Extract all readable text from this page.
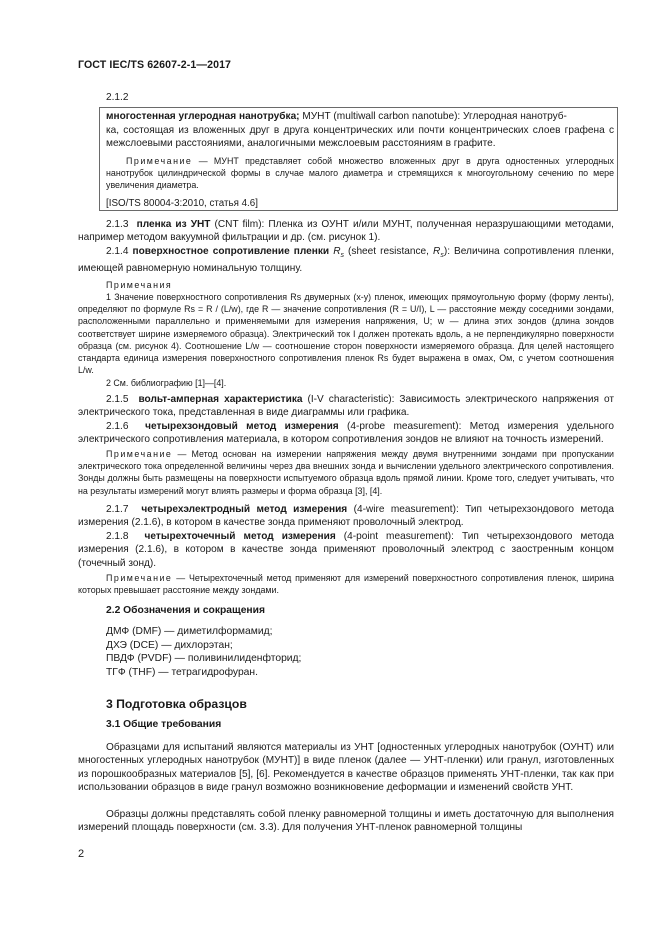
ГОСТ IEC/TS 62607-2-1—2017
2.1.2

многостенная углеродная нанотрубка; МУНТ (multiwall carbon nanotube): Углеродная нанотруб-

ка, состоящая из вложенных друг в друга концентрических или почти концентрических слоев графена с межслоевыми расстояниями, аналогичными межслоевым расстояниям в графите.

Примечание — МУНТ представляет собой множество вложенных друг в друга одностенных углеродных нанотрубок цилиндрической формы в случае малого диаметра и стремящихся к многоугольному сечению по мере увеличения диаметра.

[ISO/TS 80004-3:2010, статья 4.6]

2.1.3 пленка из УНТ (CNT film): Пленка из ОУНТ и/или МУНТ, полученная неразрушающими методами, например методом вакуумной фильтрации и др. (см. рисунок 1).

2.1.4 поверхностное сопротивление пленки $R_s$ (sheet resistance, $R_s$): Величина сопротивления пленки, имеющей равномерную номинальную толщину.

Примечания

1 Значение поверхностного сопротивления Rs двумерных (x-y) пленок, имеющих прямоугольную форму (форму ленты), определяют по формуле Rs = R / (L/w), где R — значение сопротивления (R = U/I), L — расстояние между соседними зондами, расположенными параллельно и применяемыми для измерения напряжения, U; w — длина этих зондов (длина зондов соответствует ширине измеряемого образца). Электрический ток I должен протекать вдоль, а не перпендикулярно поверхности образца (см. рисунок 4). Соотношение L/w — соотношение сторон поверхности измеряемого образца. Для целей настоящего стандарта единица измерения поверхностного сопротивления пленок Rs будет выражена в омах, Ом, с учетом соотношения L/w.

2 См. библиографию [1]—[4].

2.1.5 вольт-амперная характеристика (I-V characteristic): Зависимость электрического напряжения от электрического тока, представленная в виде диаграммы или графика.

2.1.6 четырехзондовый метод измерения (4-probe measurement): Метод измерения удельного электрического сопротивления материала, в котором сопротивления зондов не влияют на точность измерений.

Примечание — Метод основан на измерении напряжения между двумя внутренними зондами при пропускании электрического тока определенной величины через два внешних зонда и вычислении удельного электрического сопротивления. Зонды должны быть размещены на поверхности испытуемого образца вдоль прямой линии. Кроме того, следует учитывать, что на результаты измерений могут влиять размеры и форма образца [3], [4].

2.1.7 четырехэлектродный метод измерения (4-wire measurement): Тип четырехзондового метода измерения (2.1.6), в котором в качестве зонда применяют проволочный электрод.

2.1.8 четырехточечный метод измерения (4-point measurement): Тип четырехзондового метода измерения (2.1.6), в котором в качестве зонда применяют проволочный электрод с заостренным концом (точечный зонд).

Примечание — Четырехточечный метод применяют для измерений поверхностного сопротивления пленок, ширина которых превышает расстояние между зондами.

2.2 Обозначения и сокращения
ДМФ (DMF) — диметилформамид;
ДХЭ (DCE) — дихлорэтан;
ПВДФ (PVDF) — поливинилиденфторид;
ТГФ (THF) — тетрагидрофуран.
3 Подготовка образцов
3.1 Общие требования

Образцами для испытаний являются материалы из УНТ [одностенных углеродных нанотрубок (ОУНТ) или многостенных углеродных нанотрубок (МУНТ)] в виде пленок (далее — УНТ-пленки) или гранул, изготовленных из порошкообразных материалов [5], [6]. Рекомендуется в качестве образцов применять УНТ-пленки, так как при использовании образцов в виде гранул возможно возникновение деформации и изменений свойств УНТ.

Образцы должны представлять собой пленку равномерной толщины и иметь достаточную для выполнения измерений площадь поверхности (см. 3.3). Для получения УНТ-пленок равномерной толщины

2
